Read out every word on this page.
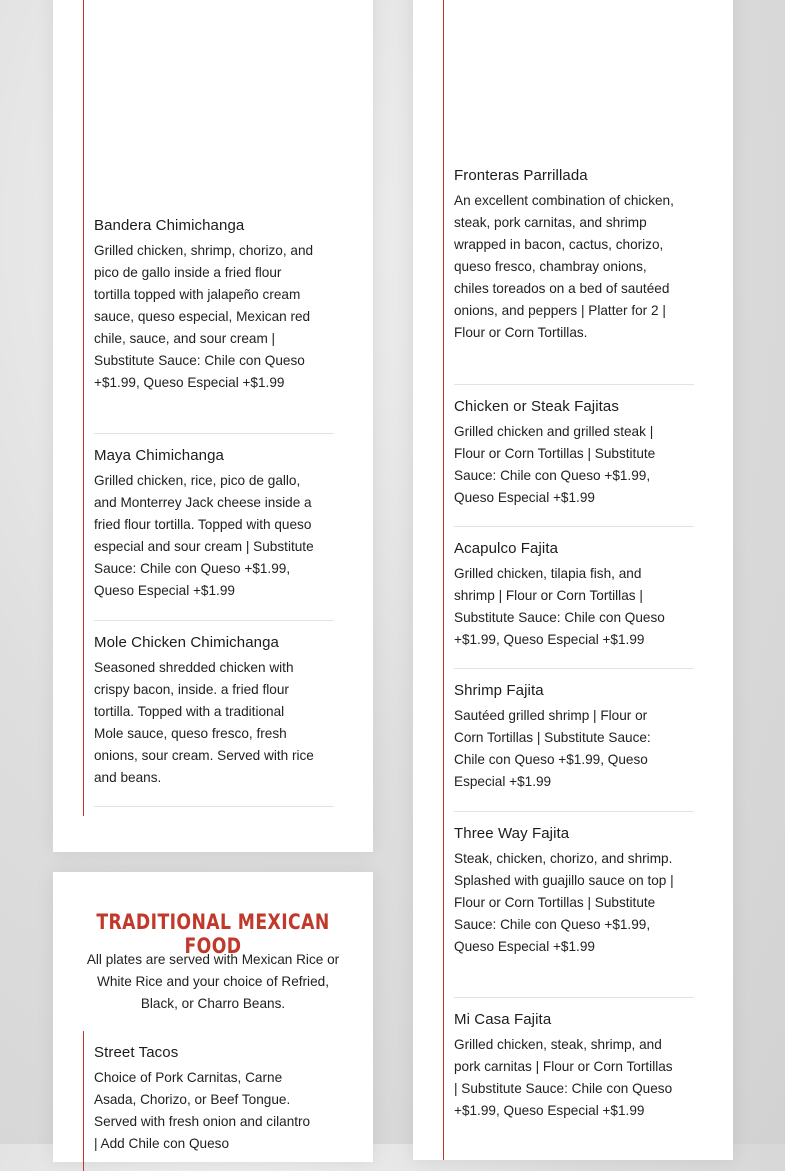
Bandera Chimichanga
Grilled chicken, shrimp, chorizo, and pico de gallo inside a fried flour tortilla topped with jalapeño cream sauce, queso especial, Mexican red chile, sauce, and sour cream | Substitute Sauce: Chile con Queso +$1.99, Queso Especial +$1.99
Maya Chimichanga
Grilled chicken, rice, pico de gallo, and Monterrey Jack cheese inside a fried flour tortilla. Topped with queso especial and sour cream | Substitute Sauce: Chile con Queso +$1.99, Queso Especial +$1.99
Mole Chicken Chimichanga
Seasoned shredded chicken with crispy bacon, inside. a fried flour tortilla. Topped with a traditional Mole sauce, queso fresco, fresh onions, sour cream. Served with rice and beans.
TRADITIONAL MEXICAN FOOD
All plates are served with Mexican Rice or White Rice and your choice of Refried, Black, or Charro Beans.
Street Tacos
Choice of Pork Carnitas, Carne Asada, Chorizo, or Beef Tongue. Served with fresh onion and cilantro | Add Chile con Queso
Fronteras Parrillada
An excellent combination of chicken, steak, pork carnitas, and shrimp wrapped in bacon, cactus, chorizo, queso fresco, chambray onions, chiles toreados on a bed of sautéed onions, and peppers | Platter for 2 | Flour or Corn Tortillas.
Chicken or Steak Fajitas
Grilled chicken and grilled steak | Flour or Corn Tortillas | Substitute Sauce: Chile con Queso +$1.99, Queso Especial +$1.99
Acapulco Fajita
Grilled chicken, tilapia fish, and shrimp | Flour or Corn Tortillas | Substitute Sauce: Chile con Queso +$1.99, Queso Especial +$1.99
Shrimp Fajita
Sautéed grilled shrimp | Flour or Corn Tortillas | Substitute Sauce: Chile con Queso +$1.99, Queso Especial +$1.99
Three Way Fajita
Steak, chicken, chorizo, and shrimp. Splashed with guajillo sauce on top | Flour or Corn Tortillas | Substitute Sauce: Chile con Queso +$1.99, Queso Especial +$1.99
Mi Casa Fajita
Grilled chicken, steak, shrimp, and pork carnitas | Flour or Corn Tortillas | Substitute Sauce: Chile con Queso +$1.99, Queso Especial +$1.99
